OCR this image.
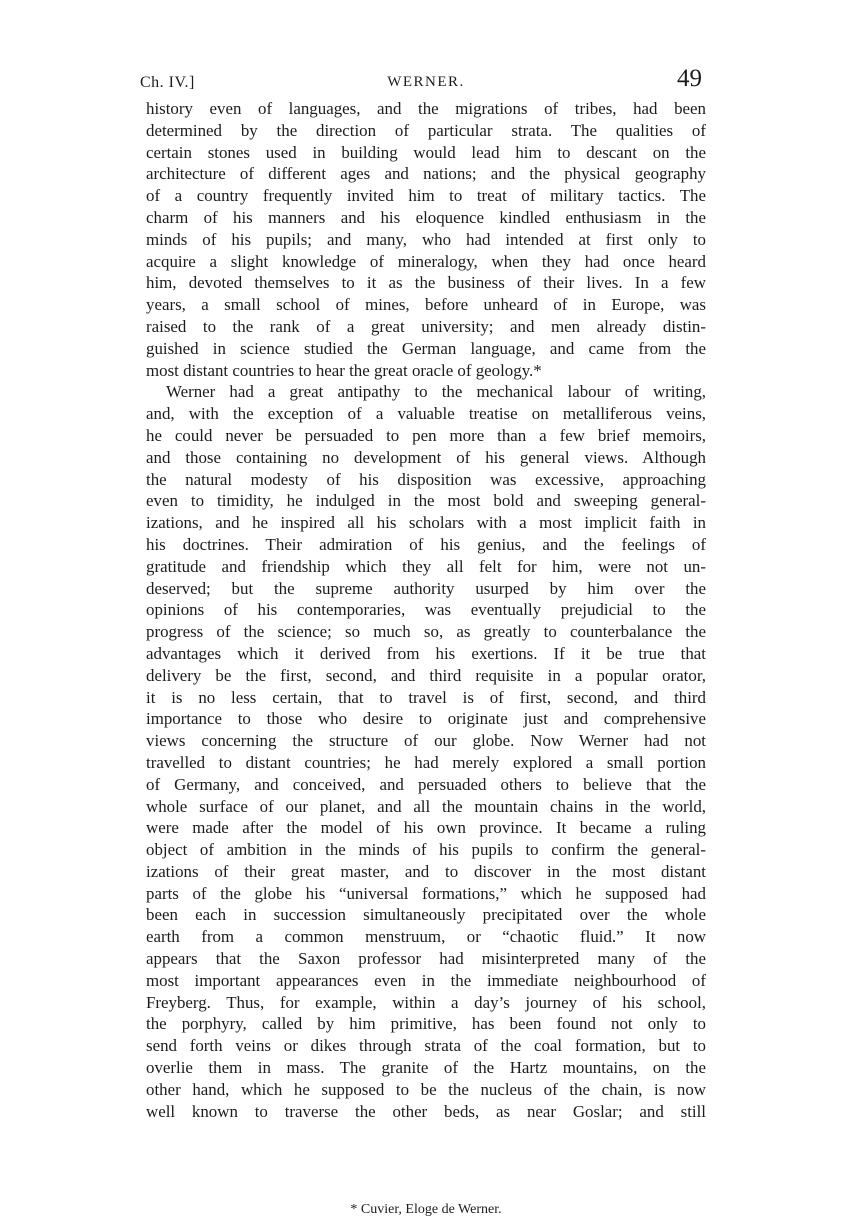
Ch. IV.]	WERNER.	49
history even of languages, and the migrations of tribes, had been
determined by the direction of particular strata. The qualities of
certain stones used in building would lead him to descant on the
architecture of different ages and nations; and the physical geography
of a country frequently invited him to treat of military tactics. The
charm of his manners and his eloquence kindled enthusiasm in the
minds of his pupils; and many, who had intended at first only to
acquire a slight knowledge of mineralogy, when they had once heard
him, devoted themselves to it as the business of their lives. In a few
years, a small school of mines, before unheard of in Europe, was
raised to the rank of a great university; and men already distin-
guished in science studied the German language, and came from the
most distant countries to hear the great oracle of geology.*
Werner had a great antipathy to the mechanical labour of writing,
and, with the exception of a valuable treatise on metalliferous veins,
he could never be persuaded to pen more than a few brief memoirs,
and those containing no development of his general views. Although
the natural modesty of his disposition was excessive, approaching
even to timidity, he indulged in the most bold and sweeping general-
izations, and he inspired all his scholars with a most implicit faith in
his doctrines. Their admiration of his genius, and the feelings of
gratitude and friendship which they all felt for him, were not un-
deserved; but the supreme authority usurped by him over the
opinions of his contemporaries, was eventually prejudicial to the
progress of the science; so much so, as greatly to counterbalance the
advantages which it derived from his exertions. If it be true that
delivery be the first, second, and third requisite in a popular orator,
it is no less certain, that to travel is of first, second, and third
importance to those who desire to originate just and comprehensive
views concerning the structure of our globe. Now Werner had not
travelled to distant countries; he had merely explored a small portion
of Germany, and conceived, and persuaded others to believe that the
whole surface of our planet, and all the mountain chains in the world,
were made after the model of his own province. It became a ruling
object of ambition in the minds of his pupils to confirm the general-
izations of their great master, and to discover in the most distant
parts of the globe his “universal formations,” which he supposed had
been each in succession simultaneously precipitated over the whole
earth from a common menstruum, or “chaotic fluid.” It now
appears that the Saxon professor had misinterpreted many of the
most important appearances even in the immediate neighbourhood of
Freyberg. Thus, for example, within a day’s journey of his school,
the porphyry, called by him primitive, has been found not only to
send forth veins or dikes through strata of the coal formation, but to
overlie them in mass. The granite of the Hartz mountains, on the
other hand, which he supposed to be the nucleus of the chain, is now
well known to traverse the other beds, as near Goslar; and still
* Cuvier, Eloge de Werner.
